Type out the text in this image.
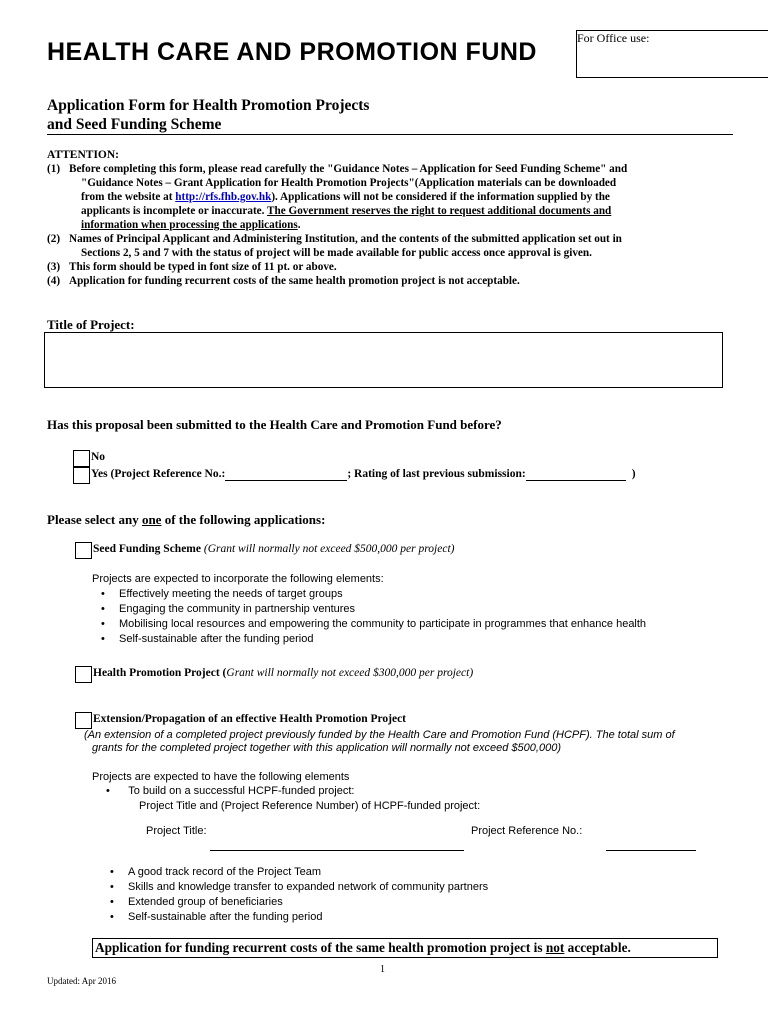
HEALTH CARE AND PROMOTION FUND	For Office use:
Application Form for Health Promotion Projects
and Seed Funding Scheme
ATTENTION:
(1) Before completing this form, please read carefully the "Guidance Notes – Application for Seed Funding Scheme" and
"Guidance Notes – Grant Application for Health Promotion Projects"(Application materials can be downloaded
from the website at http://rfs.fhb.gov.hk). Applications will not be considered if the information supplied by the
applicants is incomplete or inaccurate. The Government reserves the right to request additional documents and
information when processing the applications.
(2) Names of Principal Applicant and Administering Institution, and the contents of the submitted application set out in
Sections 2, 5 and 7 with the status of project will be made available for public access once approval is given.
(3) This form should be typed in font size of 11 pt. or above.
(4) Application for funding recurrent costs of the same health promotion project is not acceptable.
Title of Project:
Has this proposal been submitted to the Health Care and Promotion Fund before?
No
Yes (Project Reference No.:	; Rating of last previous submission:	)
Please select any one of the following applications:
Seed Funding Scheme (Grant will normally not exceed $500,000 per project)
Projects are expected to incorporate the following elements:
• Effectively meeting the needs of target groups
• Engaging the community in partnership ventures
• Mobilising local resources and empowering the community to participate in programmes that enhance health
• Self-sustainable after the funding period
Health Promotion Project (Grant will normally not exceed $300,000 per project)
Extension/Propagation of an effective Health Promotion Project
(An extension of a completed project previously funded by the Health Care and Promotion Fund (HCPF). The total sum of
grants for the completed project together with this application will normally not exceed $500,000)
Projects are expected to have the following elements
•      To build on a successful HCPF-funded project:
Project Title and (Project Reference Number) of HCPF-funded project:
Project Title:	Project Reference No.:
• A good track record of the Project Team
• Skills and knowledge transfer to expanded network of community partners
• Extended group of beneficiaries
• Self-sustainable after the funding period
Application for funding recurrent costs of the same health promotion project is not acceptable.
1
Updated: Apr 2016
